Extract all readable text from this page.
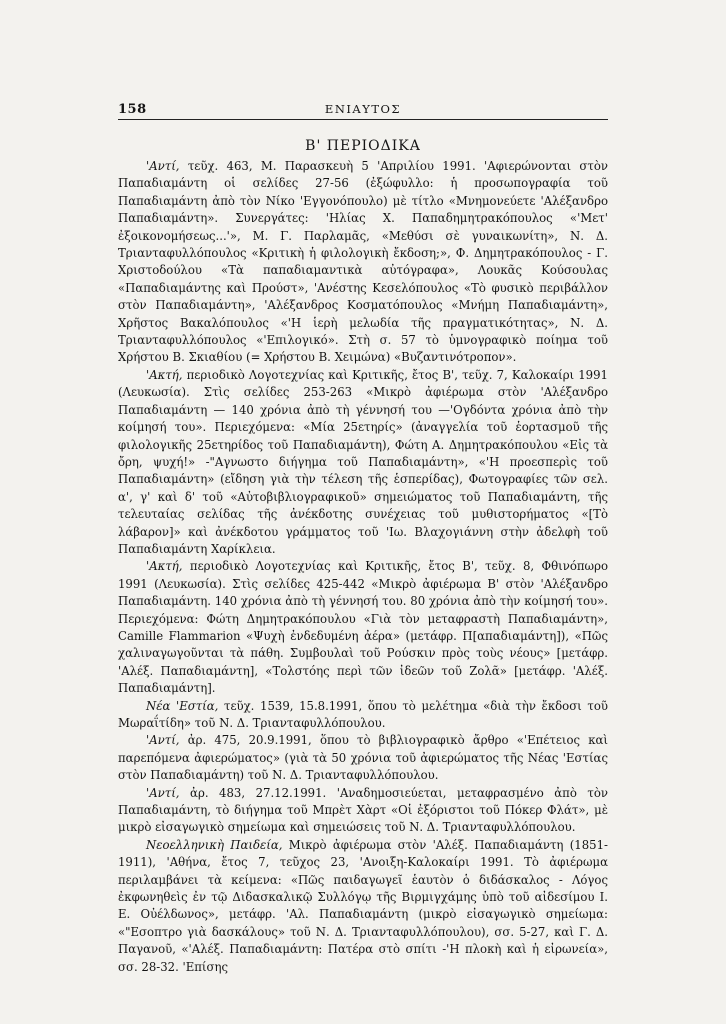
158	ΕΝΙΑΥΤΟΣ
Β' ΠΕΡΙΟΔΙΚΑ

'Αντί, τεῦχ. 463, Μ. Παρασκευὴ 5 'Απριλίου 1991. 'Αφιερώνονται στὸν Παπαδιαμάντη οἱ σελίδες 27-56 (ἐξώφυλλο: ἡ προσωπογραφία τοῦ Παπαδιαμάντη ἀπὸ τὸν Νίκο 'Εγγονόπουλο) μὲ τίτλο «Μνημονεύετε 'Αλέξανδρο Παπαδιαμάντη». Συνεργάτες: 'Ηλίας Χ. Παπαδημητρακόπουλος «'Μετ' ἐξοικονομήσεως...'», Μ. Γ. Παρλαμᾶς, «Μεθύσι σὲ γυναικωνίτη», Ν. Δ. Τριανταφυλλόπουλος «Κριτικὴ ἡ φιλολογικὴ ἔκδοση;», Φ. Δημητρακόπουλος - Γ. Χριστοδούλου «Τὰ παπαδιαμαντικὰ αὐτόγραφα», Λουκᾶς Κούσουλας «Παπαδιαμάντης καὶ Προύστ», 'Ανέστης Κεσελόπουλος «Τὸ φυσικὸ περιβάλλον στὸν Παπαδιαμάντη», 'Αλέξανδρος Κοσματόπουλος «Μνήμη Παπαδιαμάντη», Χρῆστος Βακαλόπουλος «'Η ἱερὴ μελωδία τῆς πραγματικότητας», Ν. Δ. Τριανταφυλλόπουλος «'Επιλογικό». Στὴ σ. 57 τὸ ὑμνογραφικὸ ποίημα τοῦ Χρήστου Β. Σκιαθίου (= Χρήστου Β. Χειμώνα) «Βυζαντινότροπον».

'Ακτή, περιοδικὸ Λογοτεχνίας καὶ Κριτικῆς, ἔτος Β', τεῦχ. 7, Καλοκαίρι 1991 (Λευκωσία). Στὶς σελίδες 253-263 «Μικρὸ ἀφιέρωμα στὸν 'Αλέξανδρο Παπαδιαμάντη — 140 χρόνια ἀπὸ τὴ γέννησή του —'Ογδόντα χρόνια ἀπὸ τὴν κοίμησή του». Περιεχόμενα: «Μία 25ετηρίς» (ἀναγγελία τοῦ ἑορτασμοῦ τῆς φιλολογικῆς 25ετηρίδος τοῦ Παπαδιαμάντη), Φώτη Α. Δημητρακόπουλου «Εἰς τὰ ὄρη, ψυχή!» -"Αγνωστο διήγημα τοῦ Παπαδιαμάντη», «'Η προεσπερὶς τοῦ Παπαδιαμάντη» (εἴδηση γιὰ τὴν τέλεση τῆς ἑσπερίδας), Φωτογραφίες τῶν σελ. α', γ' καὶ δ' τοῦ «Αὐτοβιβλιογραφικοῦ» σημειώματος τοῦ Παπαδιαμάντη, τῆς τελευταίας σελίδας τῆς ἀνέκδοτης συνέχειας τοῦ μυθιστορήματος «[Τὸ λάβαρον]» καὶ ἀνέκδοτου γράμματος τοῦ 'Ιω. Βλαχογιάννη στὴν ἀδελφὴ τοῦ Παπαδιαμάντη Χαρίκλεια.

'Ακτή, περιοδικὸ Λογοτεχνίας καὶ Κριτικῆς, ἔτος Β', τεῦχ. 8, Φθινόπωρο 1991 (Λευκωσία). Στὶς σελίδες 425-442 «Μικρὸ ἀφιέρωμα Β' στὸν 'Αλέξανδρο Παπαδιαμάντη. 140 χρόνια ἀπὸ τὴ γέννησή του. 80 χρόνια ἀπὸ τὴν κοίμησή του». Περιεχόμενα: Φώτη Δημητρακόπουλου «Γιὰ τὸν μεταφραστὴ Παπαδιαμάντη», Camille Flammarion «Ψυχὴ ἐνδεδυμένη ἀέρα» (μετάφρ. Π[απαδιαμάντη]), «Πῶς χαλιναγωγοῦνται τὰ πάθη. Συμβουλαὶ τοῦ Ρούσκιν πρὸς τοὺς νέους» [μετάφρ. 'Αλέξ. Παπαδιαμάντη], «Τολστόης περὶ τῶν ἰδεῶν τοῦ Ζολᾶ» [μετάφρ. 'Αλέξ. Παπαδιαμάντη].

Νέα 'Εστία, τεῦχ. 1539, 15.8.1991, ὅπου τὸ μελέτημα «διὰ τὴν ἔκδοσι τοῦ Μωραΐτίδη» τοῦ Ν. Δ. Τριανταφυλλόπουλου.

'Αντί, ἀρ. 475, 20.9.1991, ὅπου τὸ βιβλιογραφικὸ ἄρθρο «'Επέτειος καὶ παρεπόμενα ἀφιερώματος» (γιὰ τὰ 50 χρόνια τοῦ ἀφιερώματος τῆς Νέας 'Εστίας στὸν Παπαδιαμάντη) τοῦ Ν. Δ. Τριανταφυλλόπουλου.

'Αντί, ἀρ. 483, 27.12.1991. 'Αναδημοσιεύεται, μεταφρασμένο ἀπὸ τὸν Παπαδιαμάντη, τὸ διήγημα τοῦ Μπρὲτ Χὰρτ «Οἱ ἐξόριστοι τοῦ Πόκερ Φλάτ», μὲ μικρὸ εἰσαγωγικὸ σημείωμα καὶ σημειώσεις τοῦ Ν. Δ. Τριανταφυλλόπουλου.

Νεοελληνικὴ Παιδεία, Μικρὸ ἀφιέρωμα στὸν 'Αλέξ. Παπαδιαμάντη (1851-1911), 'Αθήνα, ἔτος 7, τεῦχος 23, 'Ανοιξη-Καλοκαίρι 1991. Τὸ ἀφιέρωμα περιλαμβάνει τὰ κείμενα: «Πῶς παιδαγωγεῖ ἑαυτὸν ὁ διδάσκαλος - Λόγος ἐκφωνηθεὶς ἐν τῷ Διδασκαλικῷ Συλλόγῳ τῆς Βιρμιγχάμης ὑπὸ τοῦ αἰδεσίμου Ι. Ε. Οὐέλδωνος», μετάφρ. 'Αλ. Παπαδιαμάντη (μικρὸ εἰσαγωγικὸ σημείωμα: «"Εσοπτρο γιὰ δασκάλους» τοῦ Ν. Δ. Τριανταφυλλόπουλου), σσ. 5-27, καὶ Γ. Δ. Παγανοῦ, «'Αλέξ. Παπαδιαμάντη: Πατέρα στὸ σπίτι -'Η πλοκὴ καὶ ἡ εἰρωνεία», σσ. 28-32. 'Επίσης
